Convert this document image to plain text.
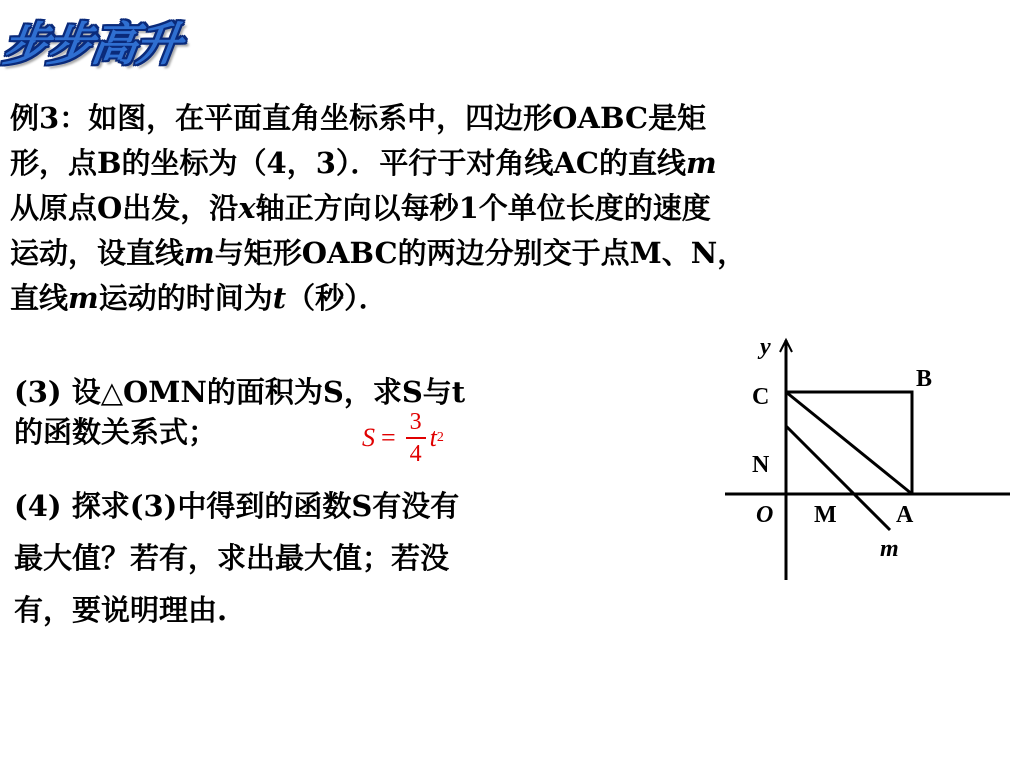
步步高升
例3：如图，在平面直角坐标系中，四边形OABC是矩
形，点B的坐标为（4，3）．平行于对角线AC的直线m
从原点O出发，沿x轴正方向以每秒1个单位长度的速度
运动，设直线m与矩形OABC的两边分别交于点M、N，
直线m运动的时间为t（秒）．
(3) 设△OMN的面积为S，求S与t
的函数关系式；	$S = \frac{3}{4}$ t 2
(4) 探求(3)中得到的函数S有没有
最大值？若有，求出最大值；若没
有，要说明理由.
y
B
C
N
O M A
m
